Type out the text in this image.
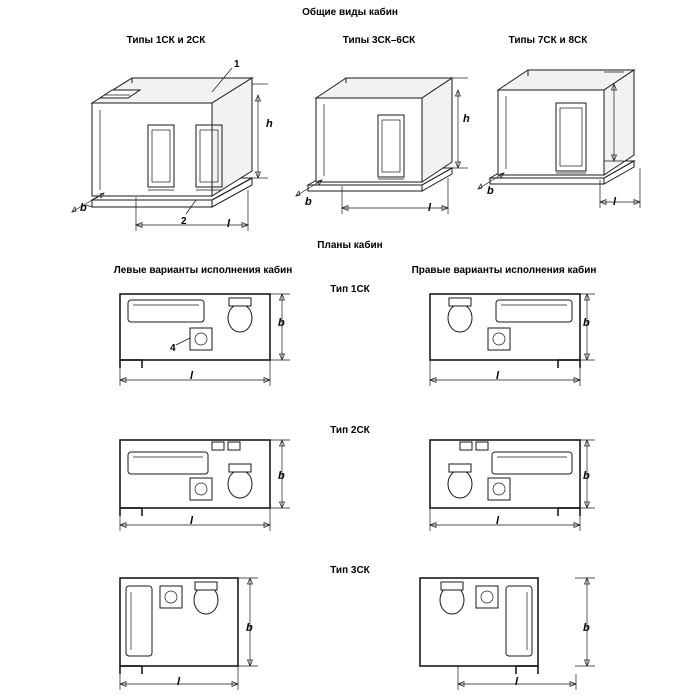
Общие виды кабин
Планы кабин
Типы 1СК и 2СК	Типы 3СК–6СК	Типы 7СК и 8СК
Левые варианты исполнения кабин	Правые варианты исполнения кабин
Тип 1СК
Тип 2СК
Тип 3СК
1
2
4
h
b
l
h
b	l
b
l
b
l
b
l
b
l
b
l
b
l
b
l
